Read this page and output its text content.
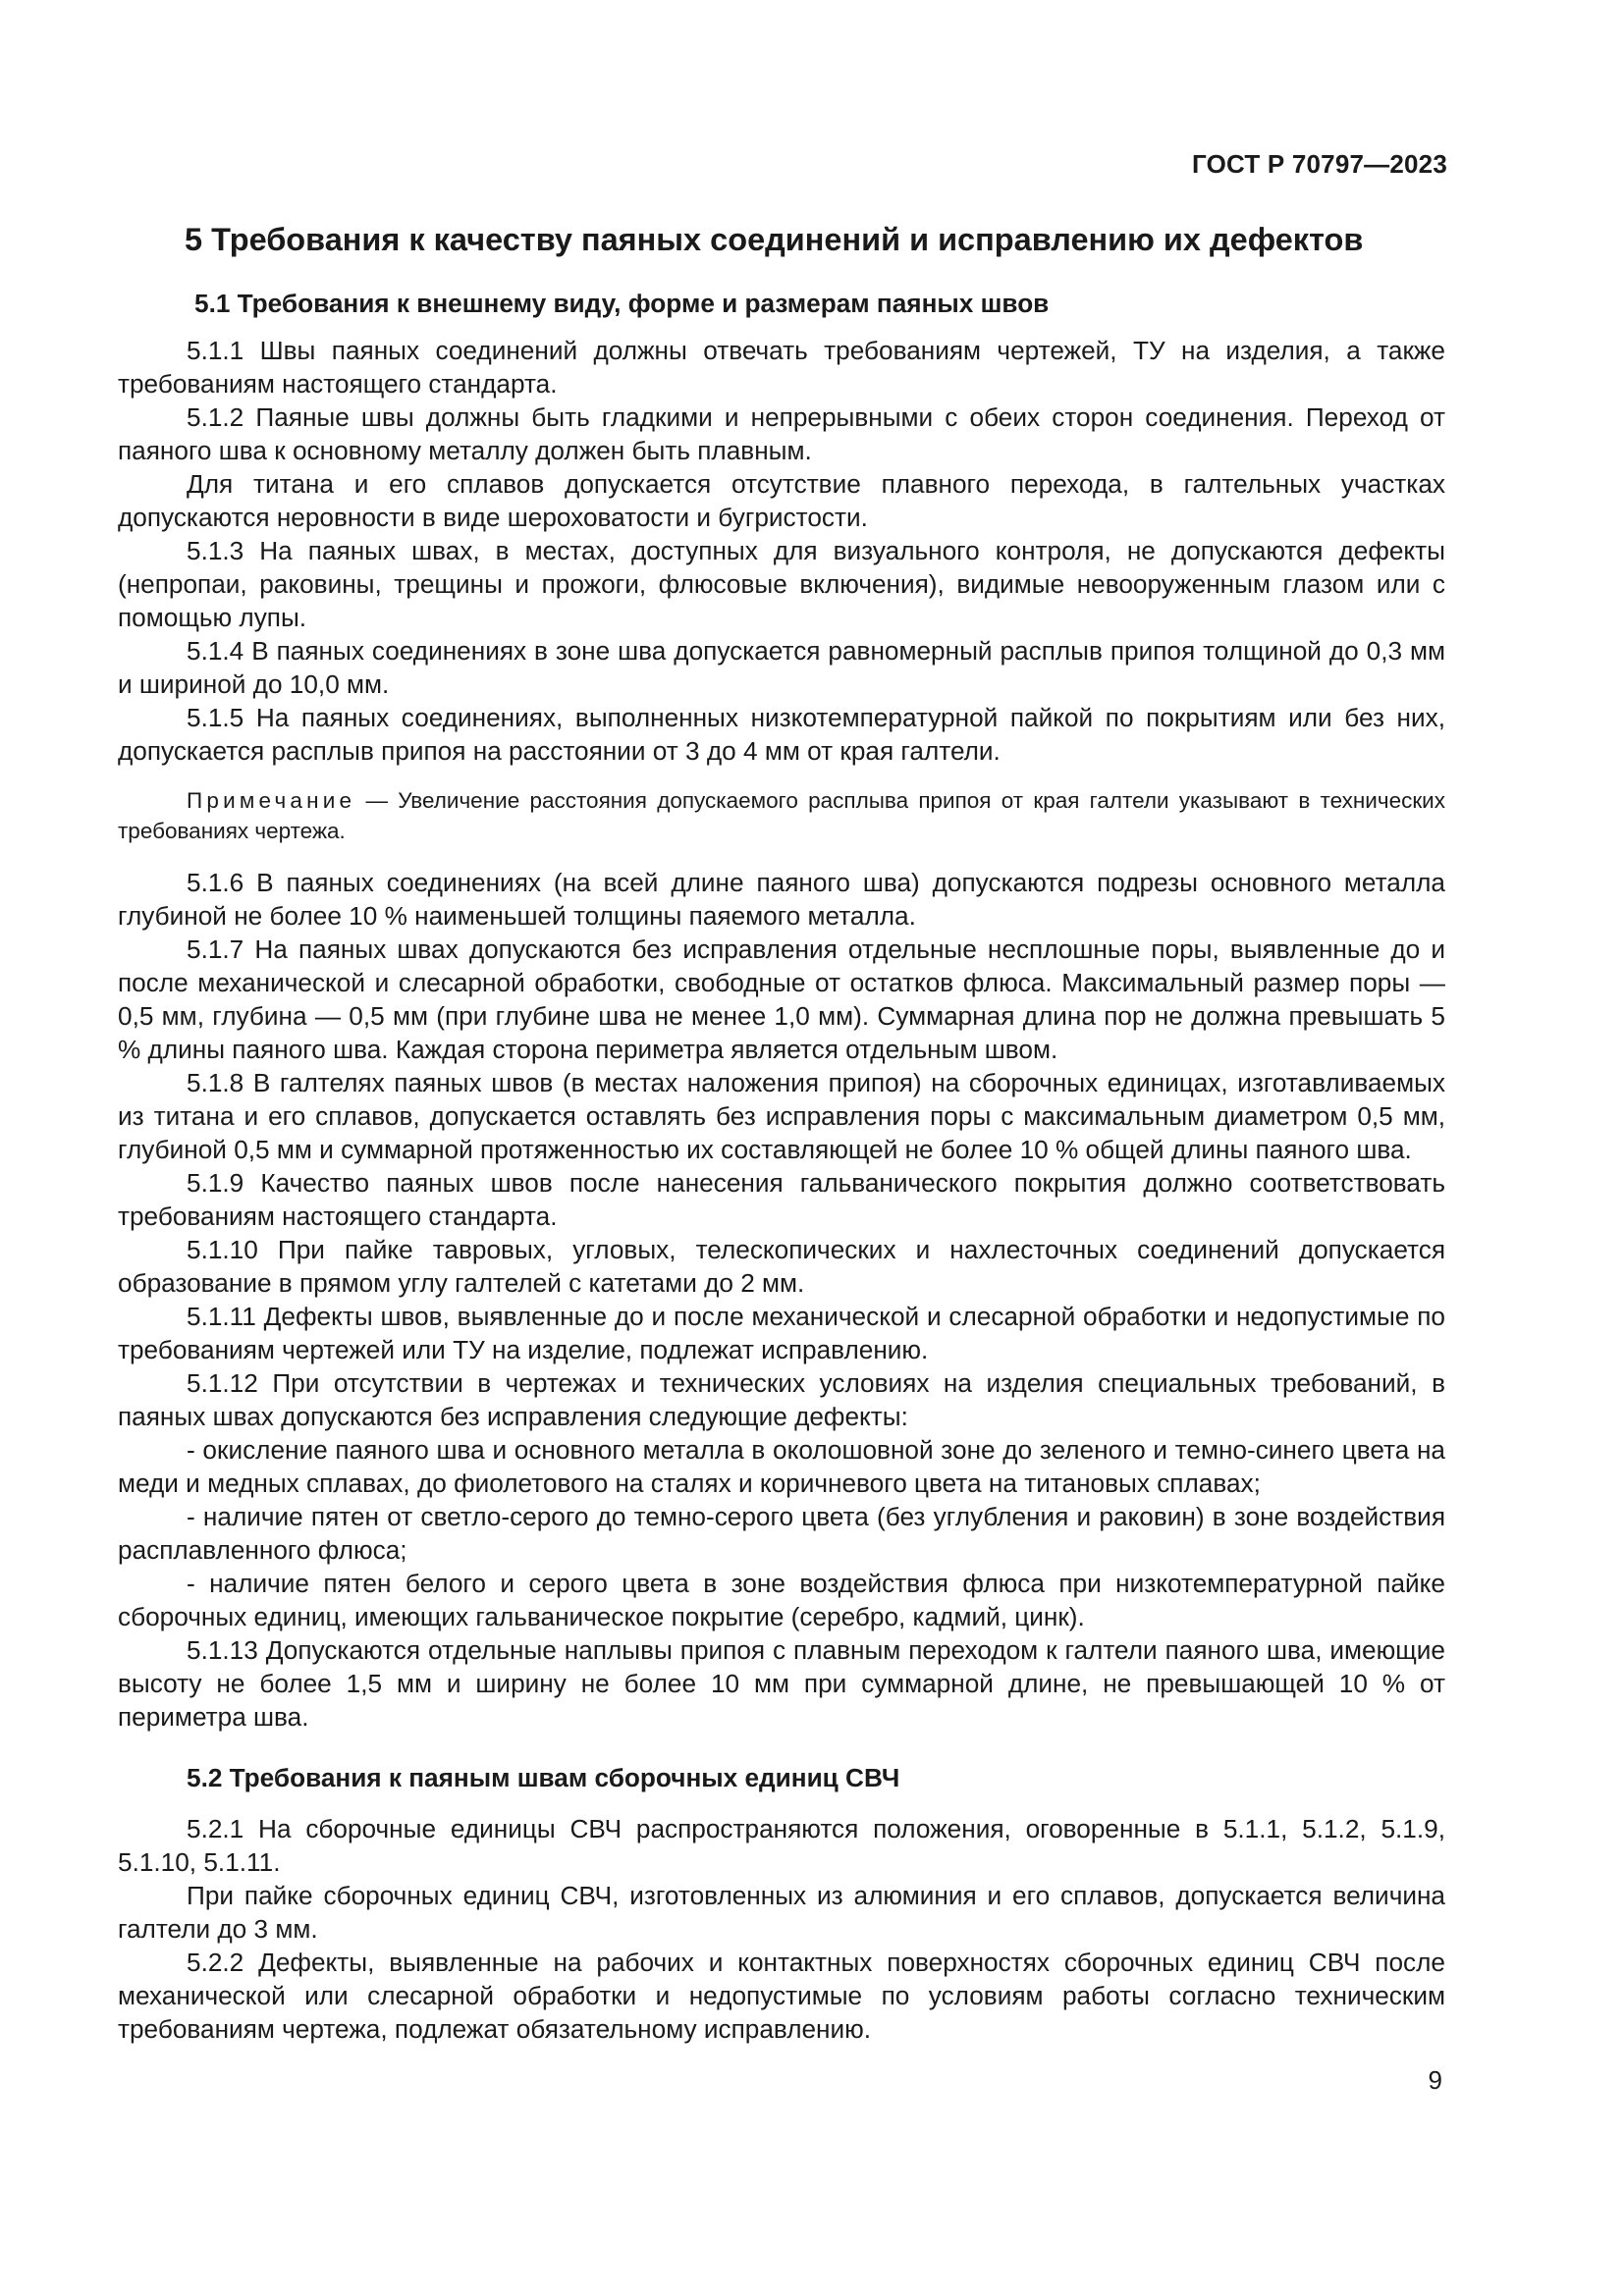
ГОСТ Р 70797—2023
5 Требования к качеству паяных соединений и исправлению их дефектов
5.1 Требования к внешнему виду, форме и размерам паяных швов

5.1.1 Швы паяных соединений должны отвечать требованиям чертежей, ТУ на изделия, а также требованиям настоящего стандарта.

5.1.2 Паяные швы должны быть гладкими и непрерывными с обеих сторон соединения. Переход от паяного шва к основному металлу должен быть плавным.

Для титана и его сплавов допускается отсутствие плавного перехода, в галтельных участках допускаются неровности в виде шероховатости и бугристости.

5.1.3 На паяных швах, в местах, доступных для визуального контроля, не допускаются дефекты (непропаи, раковины, трещины и прожоги, флюсовые включения), видимые невооруженным глазом или с помощью лупы.

5.1.4 В паяных соединениях в зоне шва допускается равномерный расплыв припоя толщиной до 0,3 мм и шириной до 10,0 мм.

5.1.5 На паяных соединениях, выполненных низкотемпературной пайкой по покрытиям или без них, допускается расплыв припоя на расстоянии от 3 до 4 мм от края галтели.

Примечание — Увеличение расстояния допускаемого расплыва припоя от края галтели указывают в технических требованиях чертежа.

5.1.6 В паяных соединениях (на всей длине паяного шва) допускаются подрезы основного металла глубиной не более 10 % наименьшей толщины паяемого металла.

5.1.7 На паяных швах допускаются без исправления отдельные несплошные поры, выявленные до и после механической и слесарной обработки, свободные от остатков флюса. Максимальный размер поры — 0,5 мм, глубина — 0,5 мм (при глубине шва не менее 1,0 мм). Суммарная длина пор не должна превышать 5 % длины паяного шва. Каждая сторона периметра является отдельным швом.

5.1.8 В галтелях паяных швов (в местах наложения припоя) на сборочных единицах, изготавливаемых из титана и его сплавов, допускается оставлять без исправления поры с максимальным диаметром 0,5 мм, глубиной 0,5 мм и суммарной протяженностью их составляющей не более 10 % общей длины паяного шва.

5.1.9 Качество паяных швов после нанесения гальванического покрытия должно соответствовать требованиям настоящего стандарта.

5.1.10 При пайке тавровых, угловых, телескопических и нахлесточных соединений допускается образование в прямом углу галтелей с катетами до 2 мм.

5.1.11 Дефекты швов, выявленные до и после механической и слесарной обработки и недопустимые по требованиям чертежей или ТУ на изделие, подлежат исправлению.

5.1.12 При отсутствии в чертежах и технических условиях на изделия специальных требований, в паяных швах допускаются без исправления следующие дефекты:

- окисление паяного шва и основного металла в околошовной зоне до зеленого и темно-синего цвета на меди и медных сплавах, до фиолетового на сталях и коричневого цвета на титановых сплавах;

- наличие пятен от светло-серого до темно-серого цвета (без углубления и раковин) в зоне воздействия расплавленного флюса;

- наличие пятен белого и серого цвета в зоне воздействия флюса при низкотемпературной пайке сборочных единиц, имеющих гальваническое покрытие (серебро, кадмий, цинк).

5.1.13 Допускаются отдельные наплывы припоя с плавным переходом к галтели паяного шва, имеющие высоту не более 1,5 мм и ширину не более 10 мм при суммарной длине, не превышающей 10 % от периметра шва.

5.2 Требования к паяным швам сборочных единиц СВЧ

5.2.1 На сборочные единицы СВЧ распространяются положения, оговоренные в 5.1.1, 5.1.2, 5.1.9, 5.1.10, 5.1.11.

При пайке сборочных единиц СВЧ, изготовленных из алюминия и его сплавов, допускается величина галтели до 3 мм.

5.2.2 Дефекты, выявленные на рабочих и контактных поверхностях сборочных единиц СВЧ после механической или слесарной обработки и недопустимые по условиям работы согласно техническим требованиям чертежа, подлежат обязательному исправлению.

9
